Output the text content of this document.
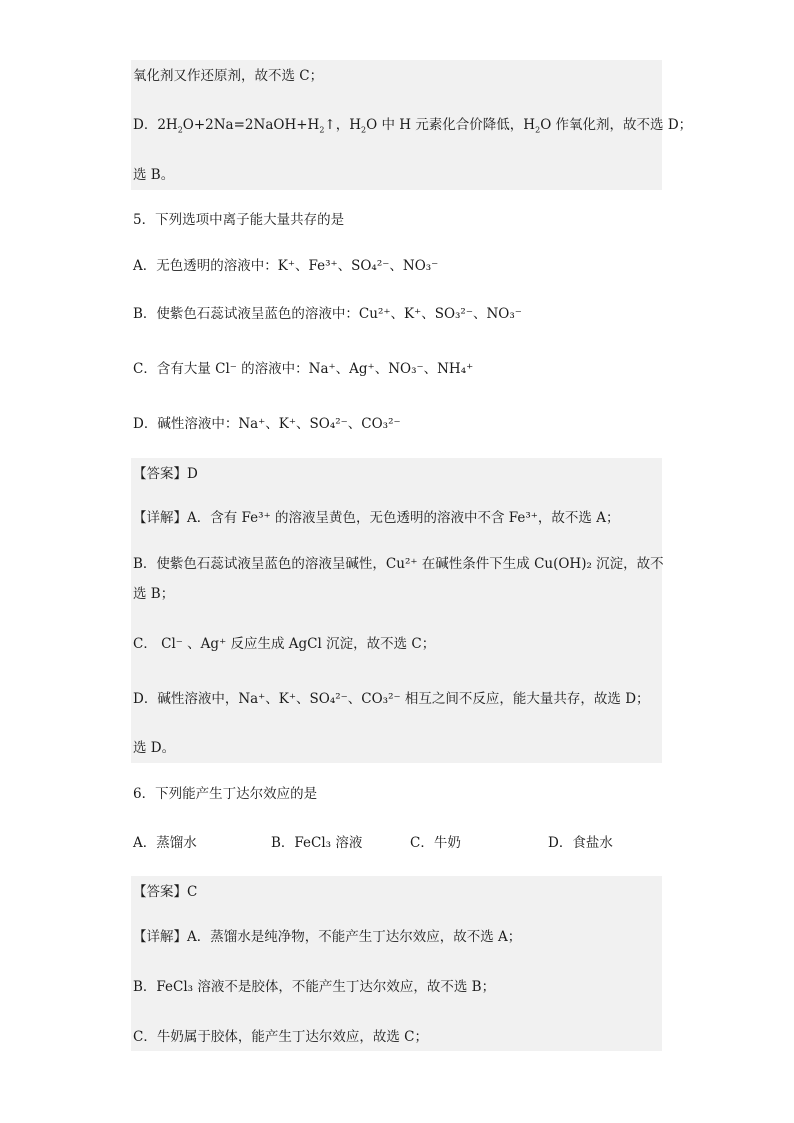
氧化剂又作还原剂，故不选 C；
D．$2H_2O+2Na=2NaOH+H_2↑$，$H_2O$ 中 H 元素化合价降低，$H_2O$ 作氧化剂，故不选 D；
选 B。
5．下列选项中离子能大量共存的是
A．无色透明的溶液中：K⁺、Fe³⁺、SO₄²⁻、NO₃⁻
B．使紫色石蕊试液呈蓝色的溶液中：Cu²⁺、K⁺、SO₃²⁻、NO₃⁻
C．含有大量 Cl⁻ 的溶液中：Na⁺、Ag⁺、NO₃⁻、NH₄⁺
D．碱性溶液中：Na⁺、K⁺、SO₄²⁻、CO₃²⁻
【答案】D
【详解】A．含有 Fe³⁺ 的溶液呈黄色，无色透明的溶液中不含 Fe³⁺，故不选 A；
B．使紫色石蕊试液呈蓝色的溶液呈碱性，Cu²⁺ 在碱性条件下生成 Cu(OH)₂ 沉淀，故不
选 B；
C． Cl⁻ 、Ag⁺ 反应生成 AgCl 沉淀，故不选 C；
D．碱性溶液中，Na⁺、K⁺、SO₄²⁻、CO₃²⁻ 相互之间不反应，能大量共存，故选 D；
选 D。
6．下列能产生丁达尔效应的是
A．蒸馏水	B．FeCl₃ 溶液	C．牛奶	D．食盐水
【答案】C
【详解】A．蒸馏水是纯净物，不能产生丁达尔效应，故不选 A；
B．FeCl₃ 溶液不是胶体，不能产生丁达尔效应，故不选 B；
C．牛奶属于胶体，能产生丁达尔效应，故选 C；
